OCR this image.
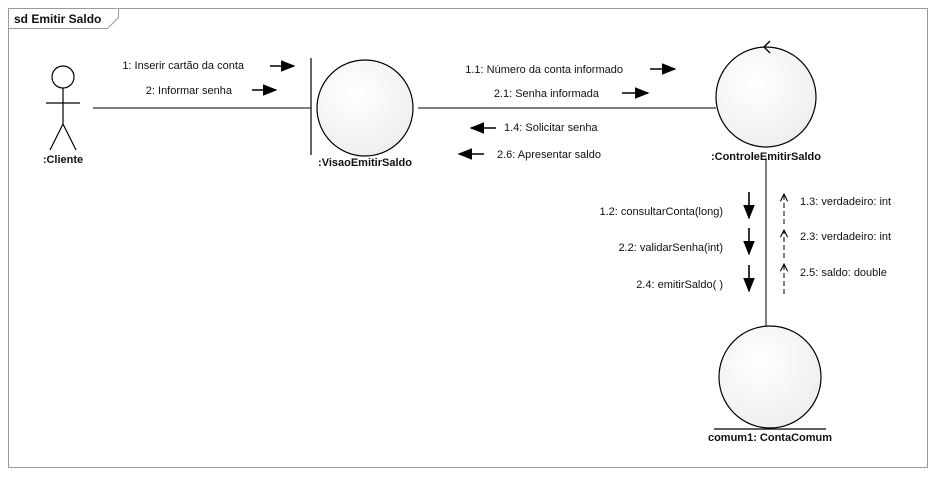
sd Emitir Saldo
:Cliente	:VisaoEmitirSaldo	:ControleEmitirSaldo
comum1: ContaComum
1: Inserir cartão da conta
2: Informar senha
1.1: Número da conta informado
2.1: Senha informada
1.4: Solicitar senha
2.6: Apresentar saldo
1.2: consultarConta(long)
2.2: validarSenha(int)
2.4: emitirSaldo( )
1.3: verdadeiro: int
2.3: verdadeiro: int
2.5: saldo: double
